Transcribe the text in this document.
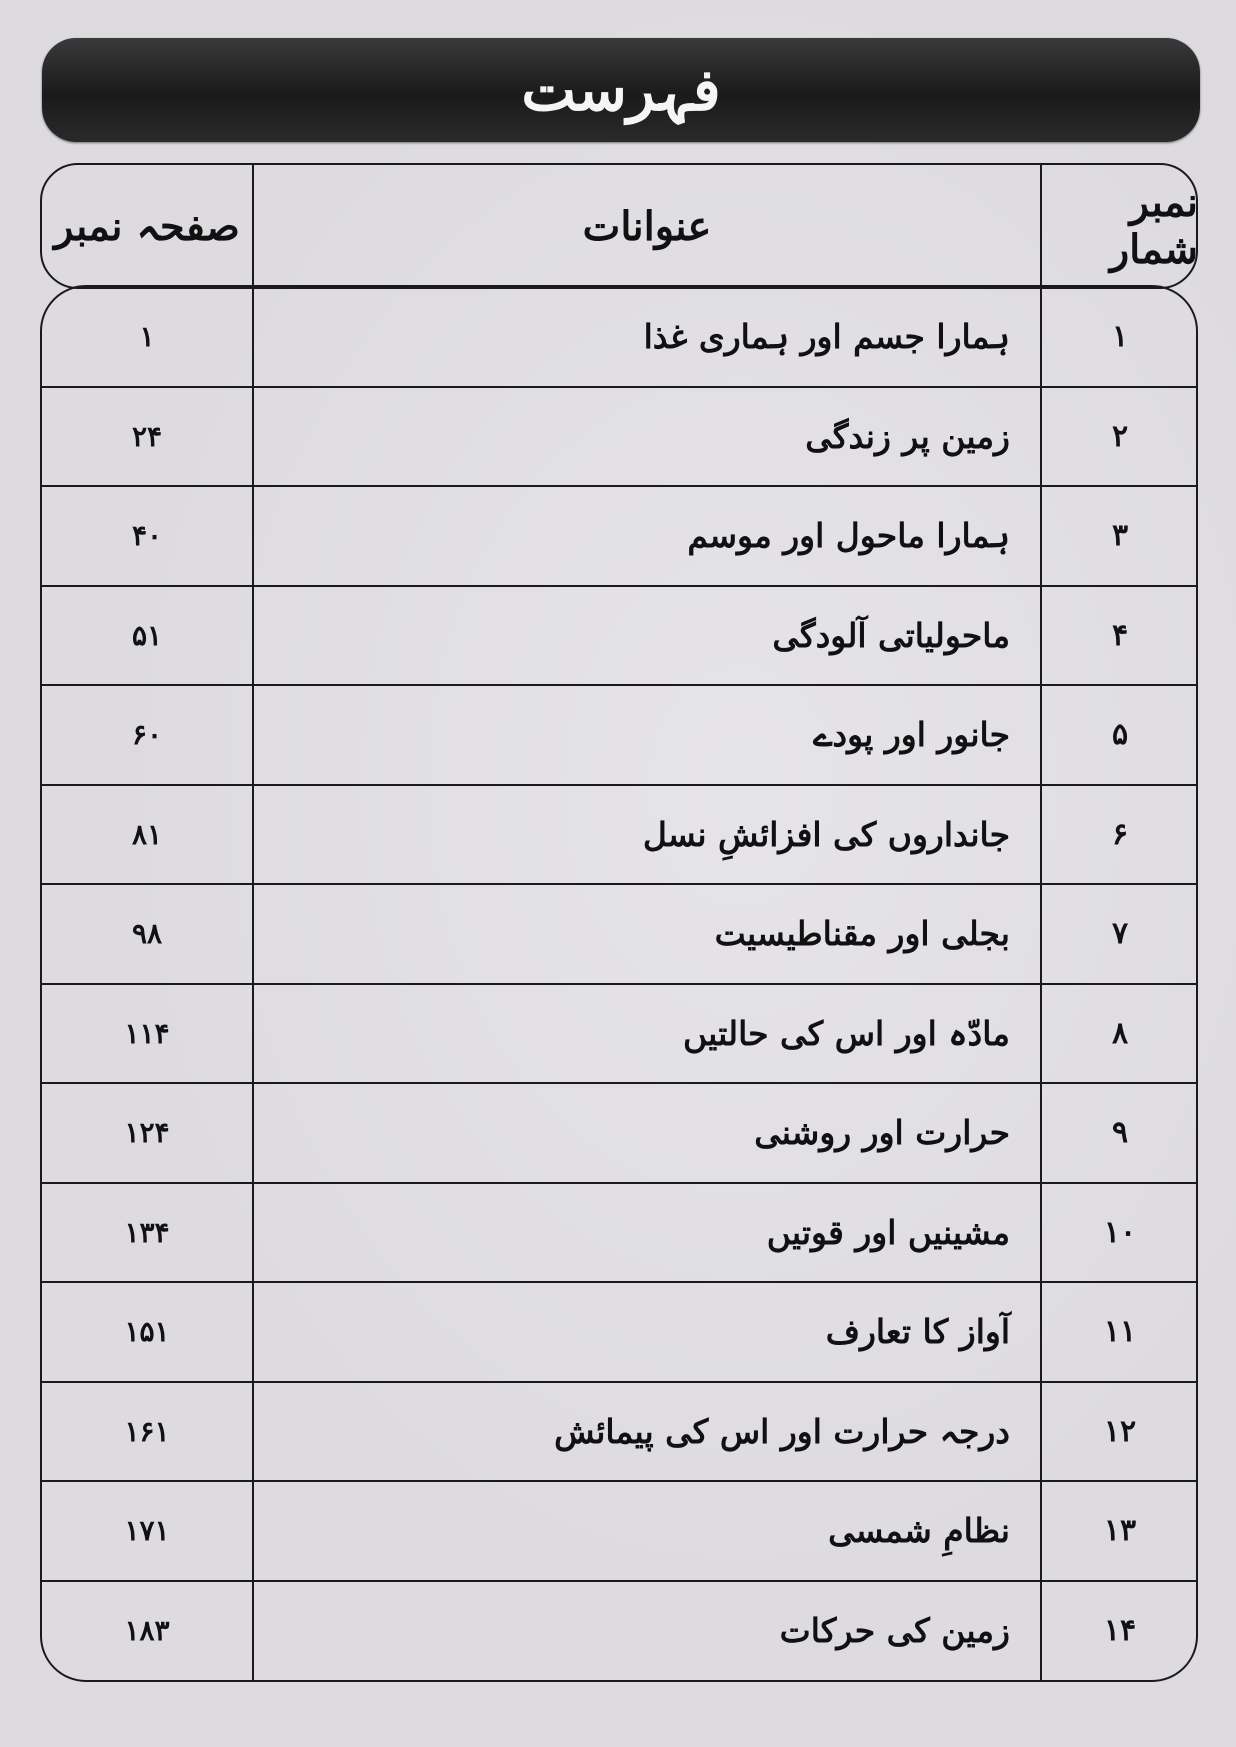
فہرست
نمبر شمار
عنوانات
صفحہ نمبر
۱
ہمارا جسم اور ہماری غذا
۱
۲
زمین پر زندگی
۲۴
۳
ہمارا ماحول اور موسم
۴۰
۴
ماحولیاتی آلودگی
۵۱
۵
جانور اور پودے
۶۰
۶
جانداروں کی افزائشِ نسل
۸۱
۷
بجلی اور مقناطیسیت
۹۸
۸
مادّہ اور اس کی حالتیں
۱۱۴
۹
حرارت اور روشنی
۱۲۴
۱۰
مشینیں اور قوتیں
۱۳۴
۱۱
آواز کا تعارف
۱۵۱
۱۲
درجہ حرارت اور اس کی پیمائش
۱۶۱
۱۳
نظامِ شمسی
۱۷۱
۱۴
زمین کی حرکات
۱۸۳
